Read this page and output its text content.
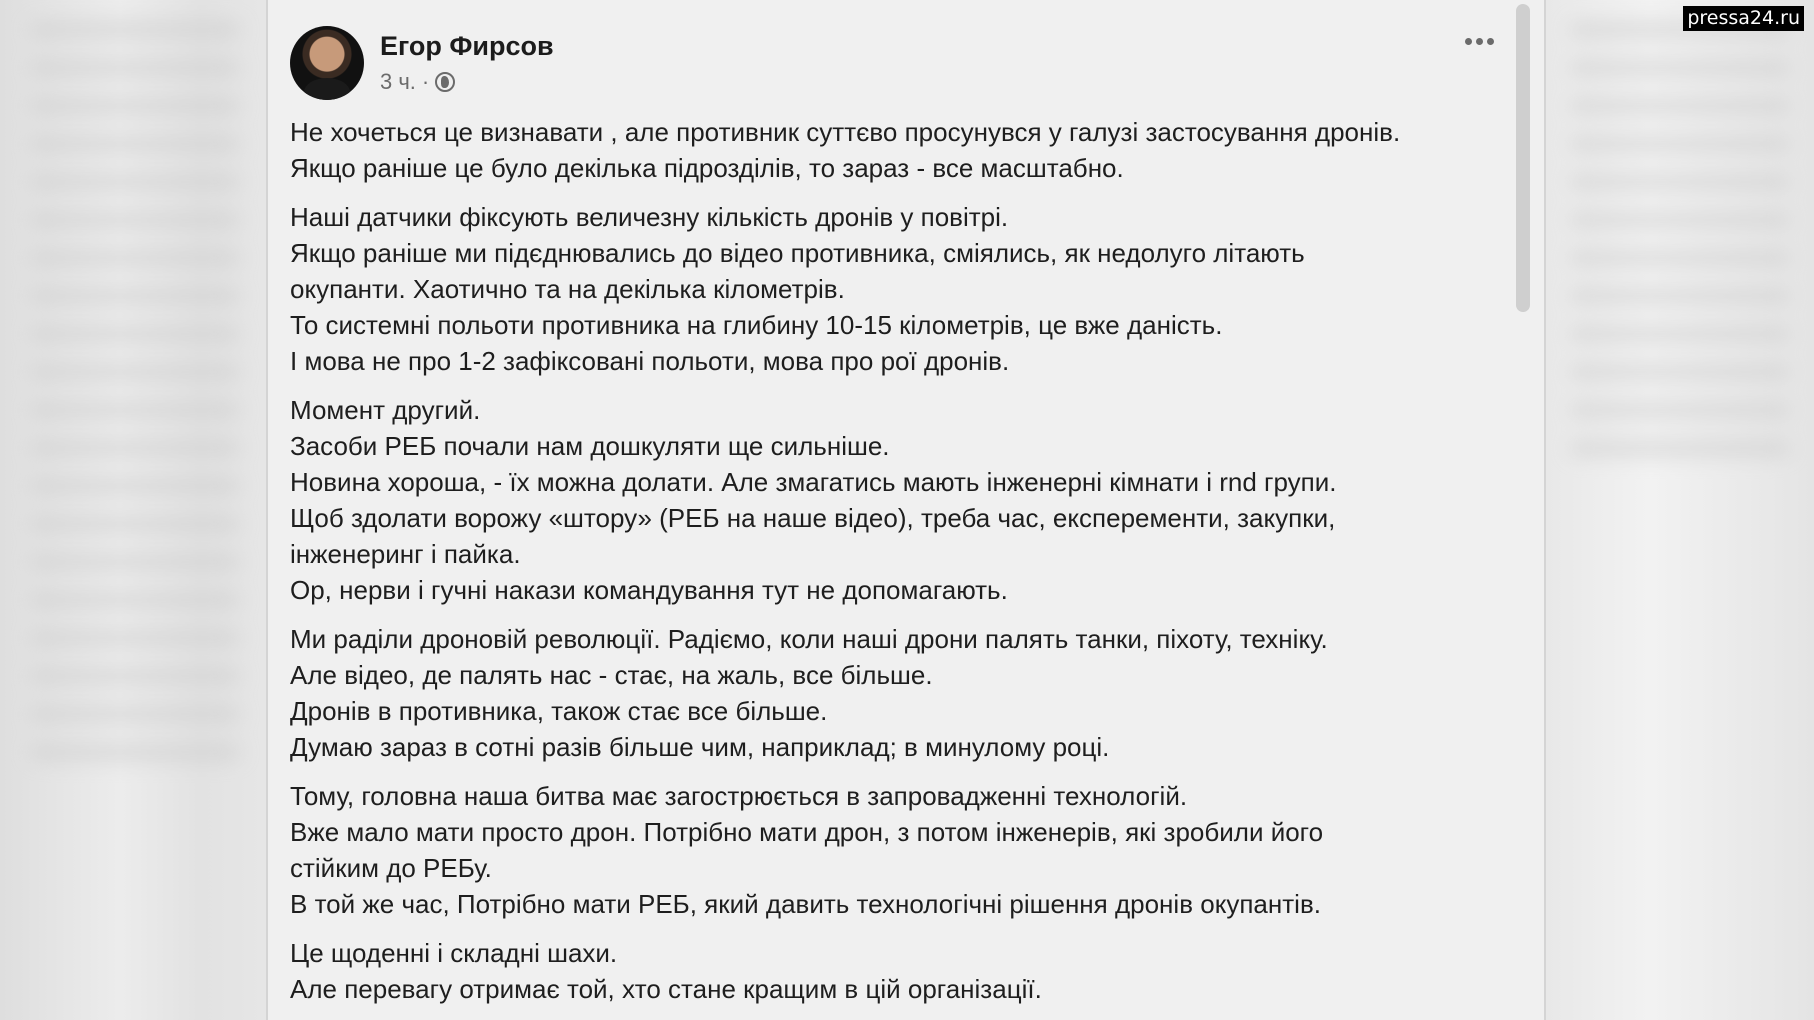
pressa24.ru
Егор Фирсов
3 ч. ·
Не хочеться це визнавати , але противник суттєво просунувся у галузі застосування дронів.
Якщо раніше це було декілька підрозділів, то зараз - все масштабно.
Наші датчики фіксують величезну кількість дронів у повітрі.
Якщо раніше ми підєднювались до відео противника, сміялись, як недолуго літають
окупанти. Хаотично та на декілька кілометрів.
То системні польоти противника на глибину 10-15 кілометрів, це вже даність.
І мова не про 1-2 зафіксовані польоти, мова про рої дронів.
Момент другий.
Засоби РЕБ почали нам дошкуляти ще сильніше.
Новина хороша, - їх можна долати. Але змагатись мають інженерні кімнати і rnd групи.
Щоб здолати ворожу «штору» (РЕБ на наше відео), треба час, експеременти, закупки,
інженеринг і пайка.
Ор, нерви і гучні накази командування тут не допомагають.
Ми раділи дроновій революції. Радіємо, коли наші дрони палять танки, піхоту, техніку.
Але відео, де палять нас - стає, на жаль, все більше.
Дронів в противника, також стає все більше.
Думаю зараз в сотні разів більше чим, наприклад; в минулому році.
Тому, головна наша битва має загострюється в запровадженні технологій.
Вже мало мати просто дрон. Потрібно мати дрон, з потом інженерів, які зробили його
стійким до РЕБу.
В той же час, Потрібно мати РЕБ, який давить технологічні рішення дронів окупантів.
Це щоденні і складні шахи.
Але перевагу отримає той, хто стане кращим в цій організації.
